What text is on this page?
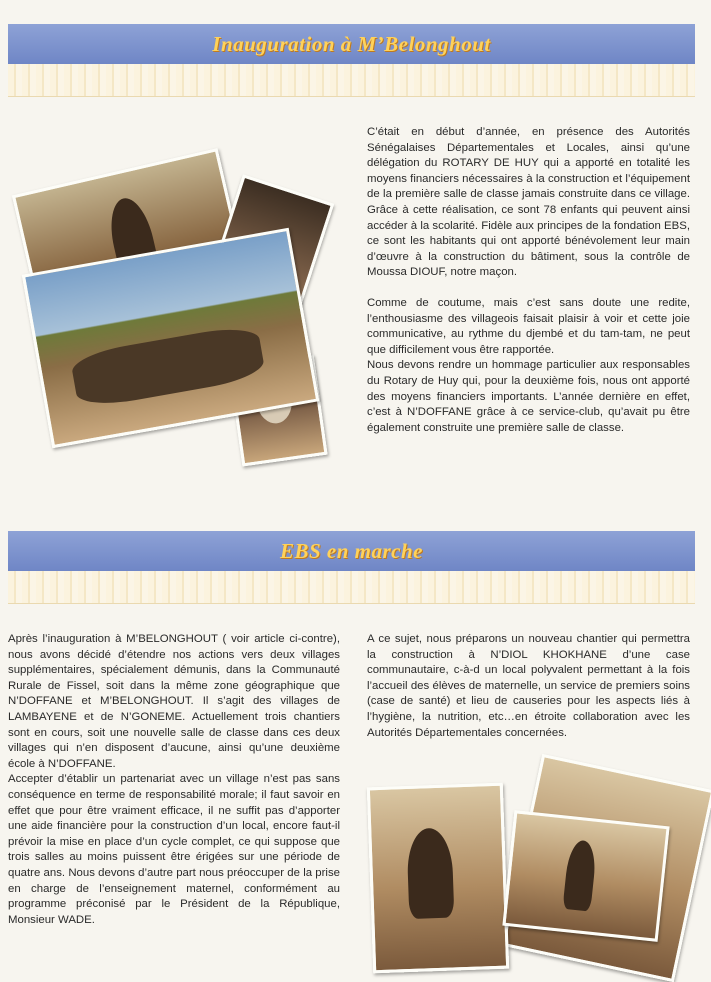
Inauguration à M’Belonghout

C’était en début d’année, en présence des Autorités Sénégalaises Départementales et Locales, ainsi qu’une délégation du ROTARY DE HUY qui a apporté en totalité les moyens financiers nécessaires à la construction et l’équipement de la première salle de classe jamais construite dans ce village. Grâce à cette réalisation, ce sont 78 enfants qui peuvent ainsi accéder à la scolarité. Fidèle aux principes de la fondation EBS, ce sont les habitants qui ont apporté bénévolement leur main d’œuvre à la construction du bâtiment, sous la contrôle de Moussa DIOUF, notre maçon.

Comme de coutume, mais c’est sans doute une redite, l’enthousiasme des villageois faisait plaisir à voir et cette joie communicative, au rythme du djembé et du tam-tam, ne peut que difficilement vous être rapportée.

Nous devons rendre un hommage particulier aux responsables du Rotary de Huy qui, pour la deuxième fois, nous ont apporté des moyens financiers importants. L’année dernière en effet, c’est à N’DOFFANE grâce à ce service-club, qu’avait pu être également construite une première salle de classe.

EBS en marche

Après l’inauguration à M’BELONGHOUT ( voir article ci-contre), nous avons décidé d’étendre nos actions vers deux villages supplémentaires, spécialement démunis, dans la Communauté Rurale de Fissel, soit dans la même zone géographique que N’DOFFANE et M’BELONGHOUT. Il s’agit des villages de LAMBAYENE et de N’GONEME. Actuellement trois chantiers sont en cours, soit une nouvelle salle de classe dans ces deux villages qui n’en disposent d’aucune, ainsi qu’une deuxième école à N’DOFFANE.

Accepter d’établir un partenariat avec un village n’est pas sans conséquence en terme de responsabilité morale; il faut savoir en effet que pour être vraiment efficace, il ne suffit pas d’apporter une aide financière pour la construction d’un local, encore faut-il prévoir la mise en place d’un cycle complet, ce qui suppose que trois salles au moins puissent être érigées sur une période de quatre ans. Nous devons d’autre part nous préoccuper de la prise en charge de l’enseignement maternel, conformément au programme préconisé par le Président de la République, Monsieur WADE.

A ce sujet, nous préparons un nouveau chantier qui permettra la construction à N’DIOL KHOKHANE d’une case communautaire, c-à-d un local polyvalent permettant à la fois l’accueil des élèves de maternelle, un service de premiers soins (case de santé) et lieu de causeries pour les aspects liés à l’hygiène, la nutrition, etc…en étroite collaboration avec les Autorités Départementales concernées.
